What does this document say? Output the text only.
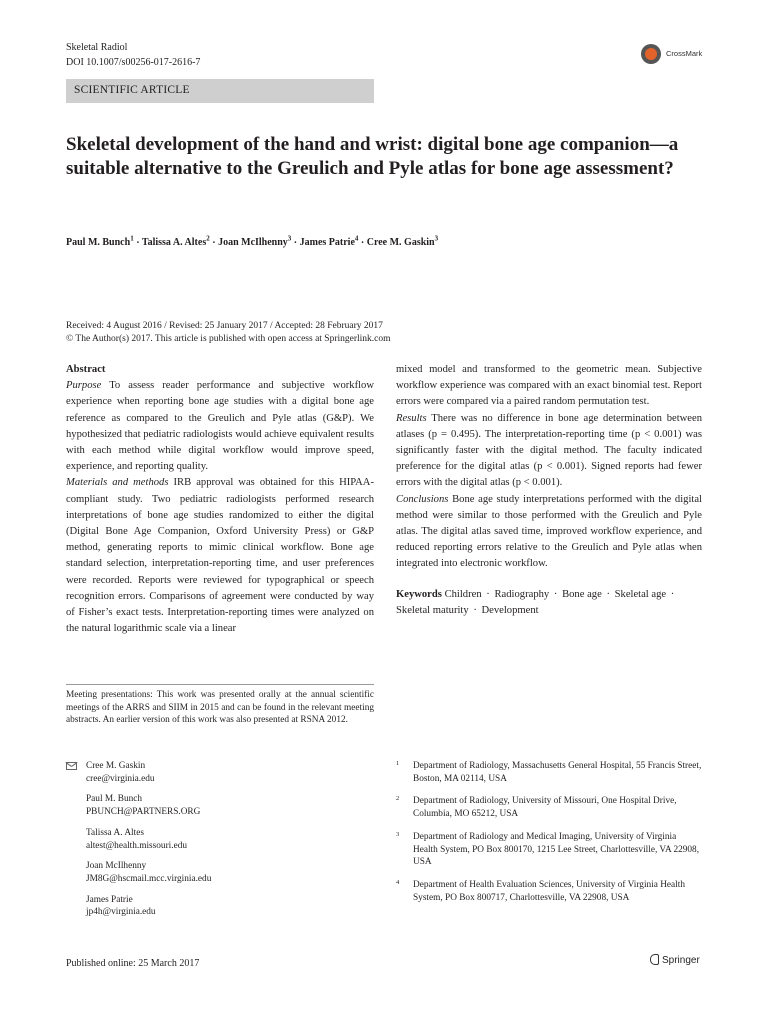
Skeletal Radiol
DOI 10.1007/s00256-017-2616-7
CrossMark
SCIENTIFIC ARTICLE
Skeletal development of the hand and wrist: digital bone age companion—a suitable alternative to the Greulich and Pyle atlas for bone age assessment?
Paul M. Bunch$^1$ · Talissa A. Altes$^2$ · Joan McIlhenny$^3$ · James Patrie$^4$ · Cree M. Gaskin$^3$
Received: 4 August 2016 / Revised: 25 January 2017 / Accepted: 28 February 2017
© The Author(s) 2017. This article is published with open access at Springerlink.com

Abstract

Purpose To assess reader performance and subjective workflow experience when reporting bone age studies with a digital bone age reference as compared to the Greulich and Pyle atlas (G&P). We hypothesized that pediatric radiologists would achieve equivalent results with each method while digital workflow would improve speed, experience, and reporting quality.

Materials and methods IRB approval was obtained for this HIPAA-compliant study. Two pediatric radiologists performed research interpretations of bone age studies randomized to either the digital (Digital Bone Age Companion, Oxford University Press) or G&P method, generating reports to mimic clinical workflow. Bone age standard selection, interpretation-reporting time, and user preferences were recorded. Reports were reviewed for typographical or speech recognition errors. Comparisons of agreement were conducted by way of Fisher’s exact tests. Interpretation-reporting times were analyzed on the natural logarithmic scale via a linear

mixed model and transformed to the geometric mean. Subjective workflow experience was compared with an exact binomial test. Report errors were compared via a paired random permutation test.

Results There was no difference in bone age determination between atlases (p = 0.495). The interpretation-reporting time (p < 0.001) was significantly faster with the digital method. The faculty indicated preference for the digital atlas (p < 0.001). Signed reports had fewer errors with the digital atlas (p < 0.001).

Conclusions Bone age study interpretations performed with the digital method were similar to those performed with the Greulich and Pyle atlas. The digital atlas saved time, improved workflow experience, and reduced reporting errors relative to the Greulich and Pyle atlas when integrated into electronic workflow.

Keywords Children · Radiography · Bone age · Skeletal age · Skeletal maturity · Development

Meeting presentations: This work was presented orally at the annual scientific meetings of the ARRS and SIIM in 2015 and can be found in the relevant meeting abstracts. An earlier version of this work was also presented at RSNA 2012.
Cree M. Gaskin
cree@virginia.edu
Paul M. Bunch
PBUNCH@PARTNERS.ORG
Talissa A. Altes
altest@health.missouri.edu
Joan McIlhenny
JM8G@hscmail.mcc.virginia.edu
James Patrie
jp4h@virginia.edu
1 Department of Radiology, Massachusetts General Hospital, 55 Francis Street, Boston, MA 02114, USA
2 Department of Radiology, University of Missouri, One Hospital Drive, Columbia, MO 65212, USA
3 Department of Radiology and Medical Imaging, University of Virginia Health System, PO Box 800170, 1215 Lee Street, Charlottesville, VA 22908, USA
4 Department of Health Evaluation Sciences, University of Virginia Health System, PO Box 800717, Charlottesville, VA 22908, USA
Published online: 25 March 2017	Springer
